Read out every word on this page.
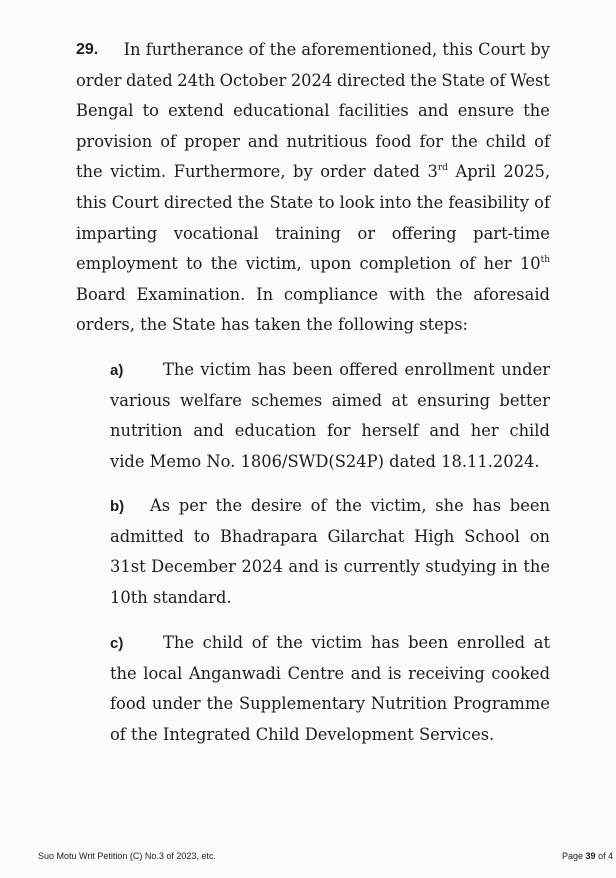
29. In furtherance of the aforementioned, this Court by
order dated 24th October 2024 directed the State of West
Bengal to extend educational facilities and ensure the
provision of proper and nutritious food for the child of
the victim. Furthermore, by order dated 3rd April 2025,
this Court directed the State to look into the feasibility of
imparting vocational training or offering part-time
employment to the victim, upon completion of her 10th
Board Examination. In compliance with the aforesaid
orders, the State has taken the following steps:
a) The victim has been offered enrollment under
various welfare schemes aimed at ensuring better
nutrition and education for herself and her child
vide Memo No. 1806/SWD(S24P) dated 18.11.2024.
b) As per the desire of the victim, she has been
admitted to Bhadrapara Gilarchat High School on
31st December 2024 and is currently studying in the
10th standard.
c) The child of the victim has been enrolled at
the local Anganwadi Centre and is receiving cooked
food under the Supplementary Nutrition Programme
of the Integrated Child Development Services.
Suo Motu Writ Petition (C) No.3 of 2023, etc.	Page 39 of 4
